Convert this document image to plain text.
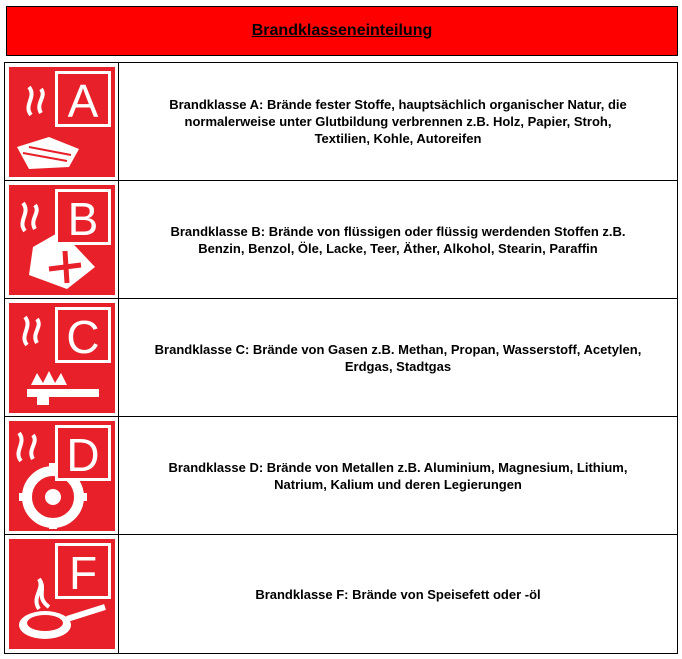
Brandklasseneinteilung
A	Brandklasse A: Brände fester Stoffe, hauptsächlich organischer Natur, die
normalerweise unter Glutbildung verbrennen z.B. Holz, Papier, Stroh,
Textilien, Kohle, Autoreifen
B	Brandklasse B: Brände von flüssigen oder flüssig werdenden Stoffen z.B.
Benzin, Benzol, Öle, Lacke, Teer, Äther, Alkohol, Stearin, Paraffin
C	Brandklasse C: Brände von Gasen z.B. Methan, Propan, Wasserstoff, Acetylen,
Erdgas, Stadtgas
D	Brandklasse D: Brände von Metallen z.B. Aluminium, Magnesium, Lithium,
Natrium, Kalium und deren Legierungen
F	Brandklasse F: Brände von Speisefett oder -öl
